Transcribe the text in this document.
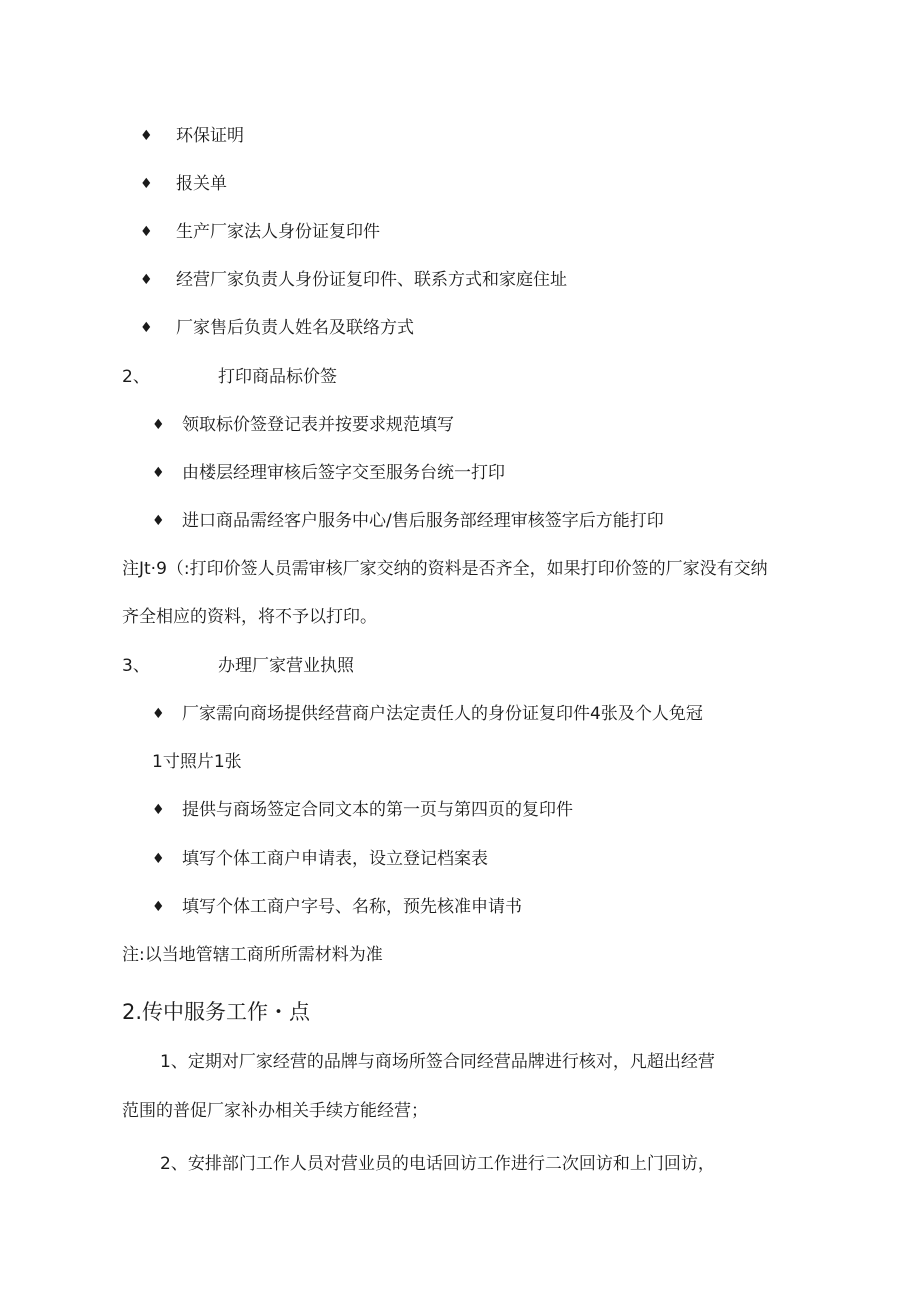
♦ 环保证明
♦ 报关单
♦ 生产厂家法人身份证复印件
♦ 经营厂家负责人身份证复印件、联系方式和家庭住址
♦ 厂家售后负责人姓名及联络方式
2、	打印商品标价签
♦ 领取标价签登记表并按要求规范填写
♦ 由楼层经理审核后签字交至服务台统一打印
♦ 进口商品需经客户服务中心/售后服务部经理审核签字后方能打印
注Jt·9（:打印价签人员需审核厂家交纳的资料是否齐全，如果打印价签的厂家没有交纳
齐全相应的资料，将不予以打印。
3、	办理厂家营业执照
♦ 厂家需向商场提供经营商户法定责任人的身份证复印件4张及个人免冠
1寸照片1张
♦ 提供与商场签定合同文本的第一页与第四页的复印件
♦ 填写个体工商户申请表，设立登记档案表
♦ 填写个体工商户字号、名称，预先核准申请书
注:以当地管辖工商所所需材料为准
2.传中服务工作・点
1、定期对厂家经营的品牌与商场所签合同经营品牌进行核对，凡超出经营
范围的普促厂家补办相关手续方能经营；
2、安排部门工作人员对营业员的电话回访工作进行二次回访和上门回访，
